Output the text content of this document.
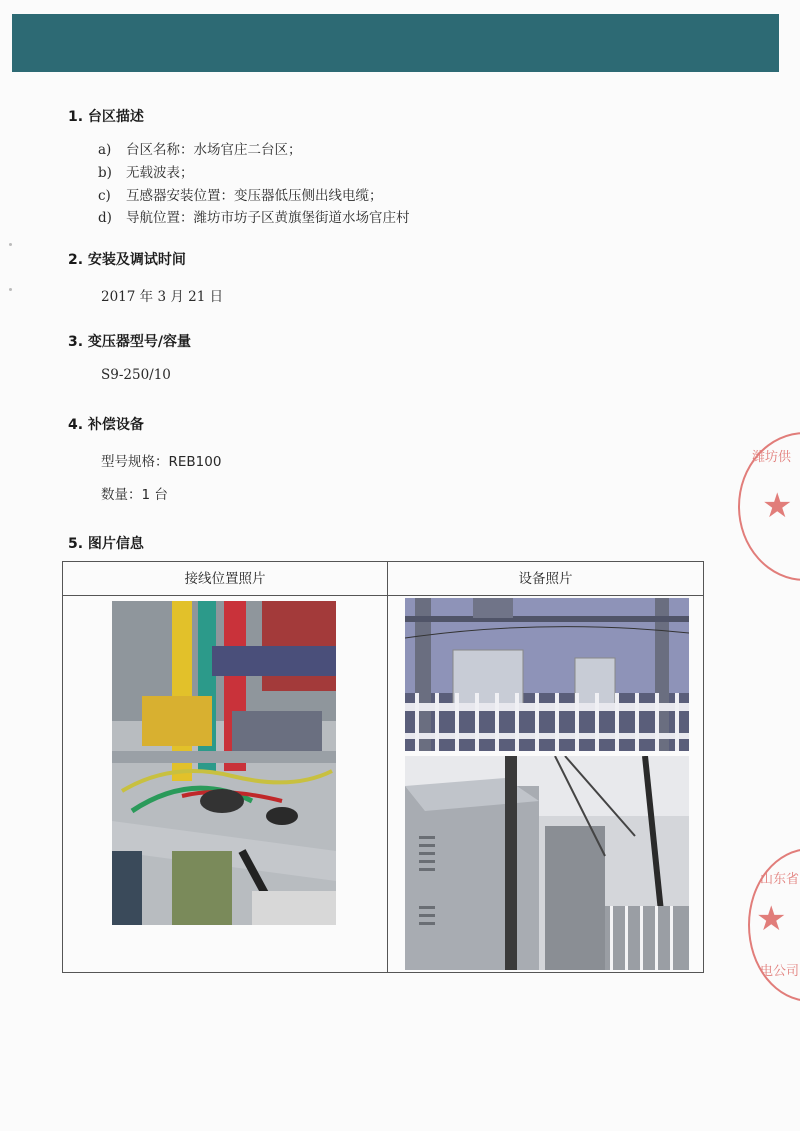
1. 台区描述
a) 台区名称：水场官庄二台区；
b) 无载波表；
c) 互感器安装位置：变压器低压侧出线电缆；
d) 导航位置：潍坊市坊子区黄旗堡街道水场官庄村
2. 安装及调试时间
2017 年 3 月 21 日
3. 变压器型号/容量
S9-250/10
4. 补偿设备
型号规格：REB100
数量：1 台
5. 图片信息
接线位置照片	设备照片
潍坊供
★
山东省
★
电公司
